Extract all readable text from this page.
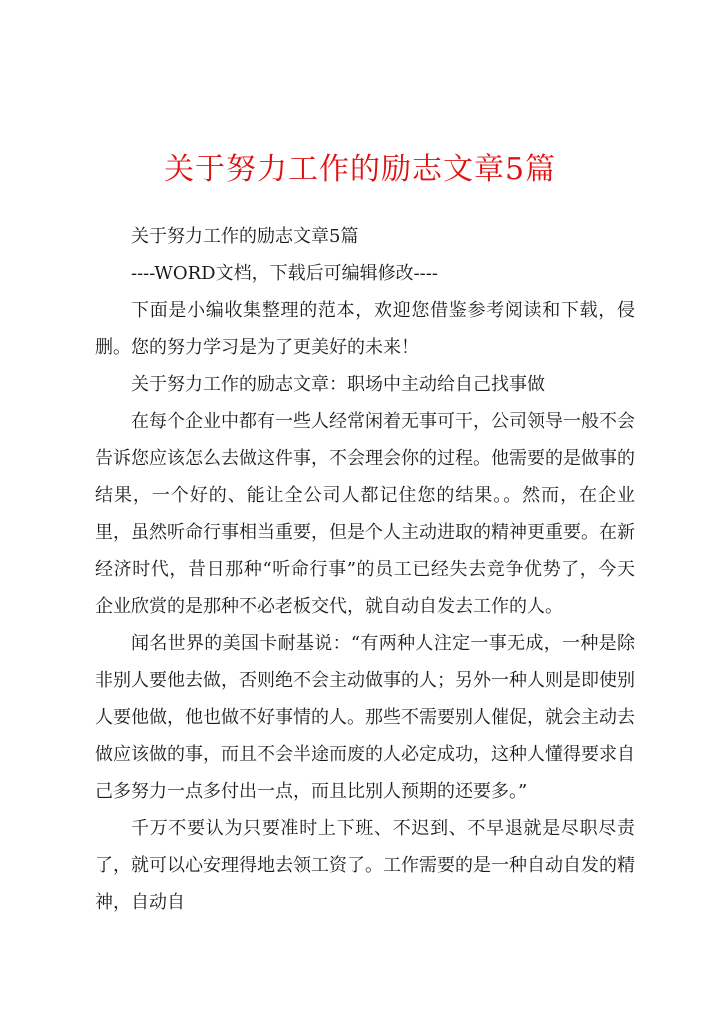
关于努力工作的励志文章5篇

关于努力工作的励志文章5篇

----WORD文档，下载后可编辑修改----

下面是小编收集整理的范本，欢迎您借鉴参考阅读和下载，侵删。您的努力学习是为了更美好的未来！

关于努力工作的励志文章：职场中主动给自己找事做

在每个企业中都有一些人经常闲着无事可干，公司领导一般不会告诉您应该怎么去做这件事，不会理会你的过程。他需要的是做事的结果，一个好的、能让全公司人都记住您的结果。。然而，在企业里，虽然听命行事相当重要，但是个人主动进取的精神更重要。在新经济时代，昔日那种“听命行事”的员工已经失去竞争优势了，今天企业欣赏的是那种不必老板交代，就自动自发去工作的人。

闻名世界的美国卡耐基说：“有两种人注定一事无成，一种是除非别人要他去做，否则绝不会主动做事的人；另外一种人则是即使别人要他做，他也做不好事情的人。那些不需要别人催促，就会主动去做应该做的事，而且不会半途而废的人必定成功，这种人懂得要求自己多努力一点多付出一点，而且比别人预期的还要多。”

千万不要认为只要准时上下班、不迟到、不早退就是尽职尽责了，就可以心安理得地去领工资了。工作需要的是一种自动自发的精神，自动自
